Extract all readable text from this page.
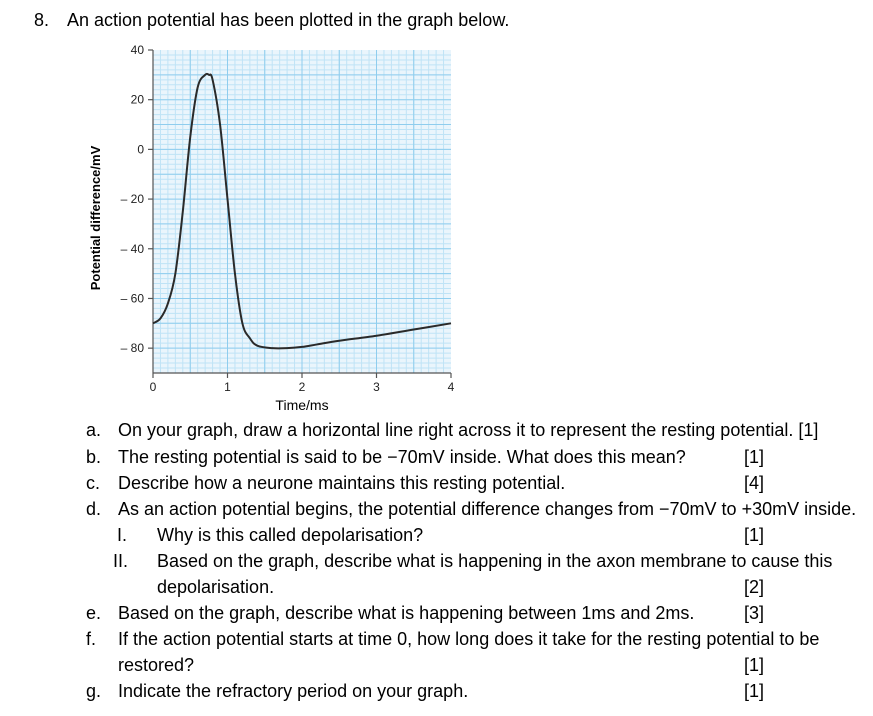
8. An action potential has been plotted in the graph below.
40
20
0
– 20
– 40
– 60
– 80
0	1	2	3	4
Potential difference/mV
Time/ms
a. On your graph, draw a horizontal line right across it to represent the resting potential. [1]
b. The resting potential is said to be −70mV inside. What does this mean?	[1]
c. Describe how a neurone maintains this resting potential.	[4]
d. As an action potential begins, the potential difference changes from −70mV to +30mV inside.
I. Why is this called depolarisation?	[1]
II. Based on the graph, describe what is happening in the axon membrane to cause this
depolarisation.	[2]
e. Based on the graph, describe what is happening between 1ms and 2ms.	[3]
f. If the action potential starts at time 0, how long does it take for the resting potential to be
restored?	[1]
g. Indicate the refractory period on your graph.	[1]
